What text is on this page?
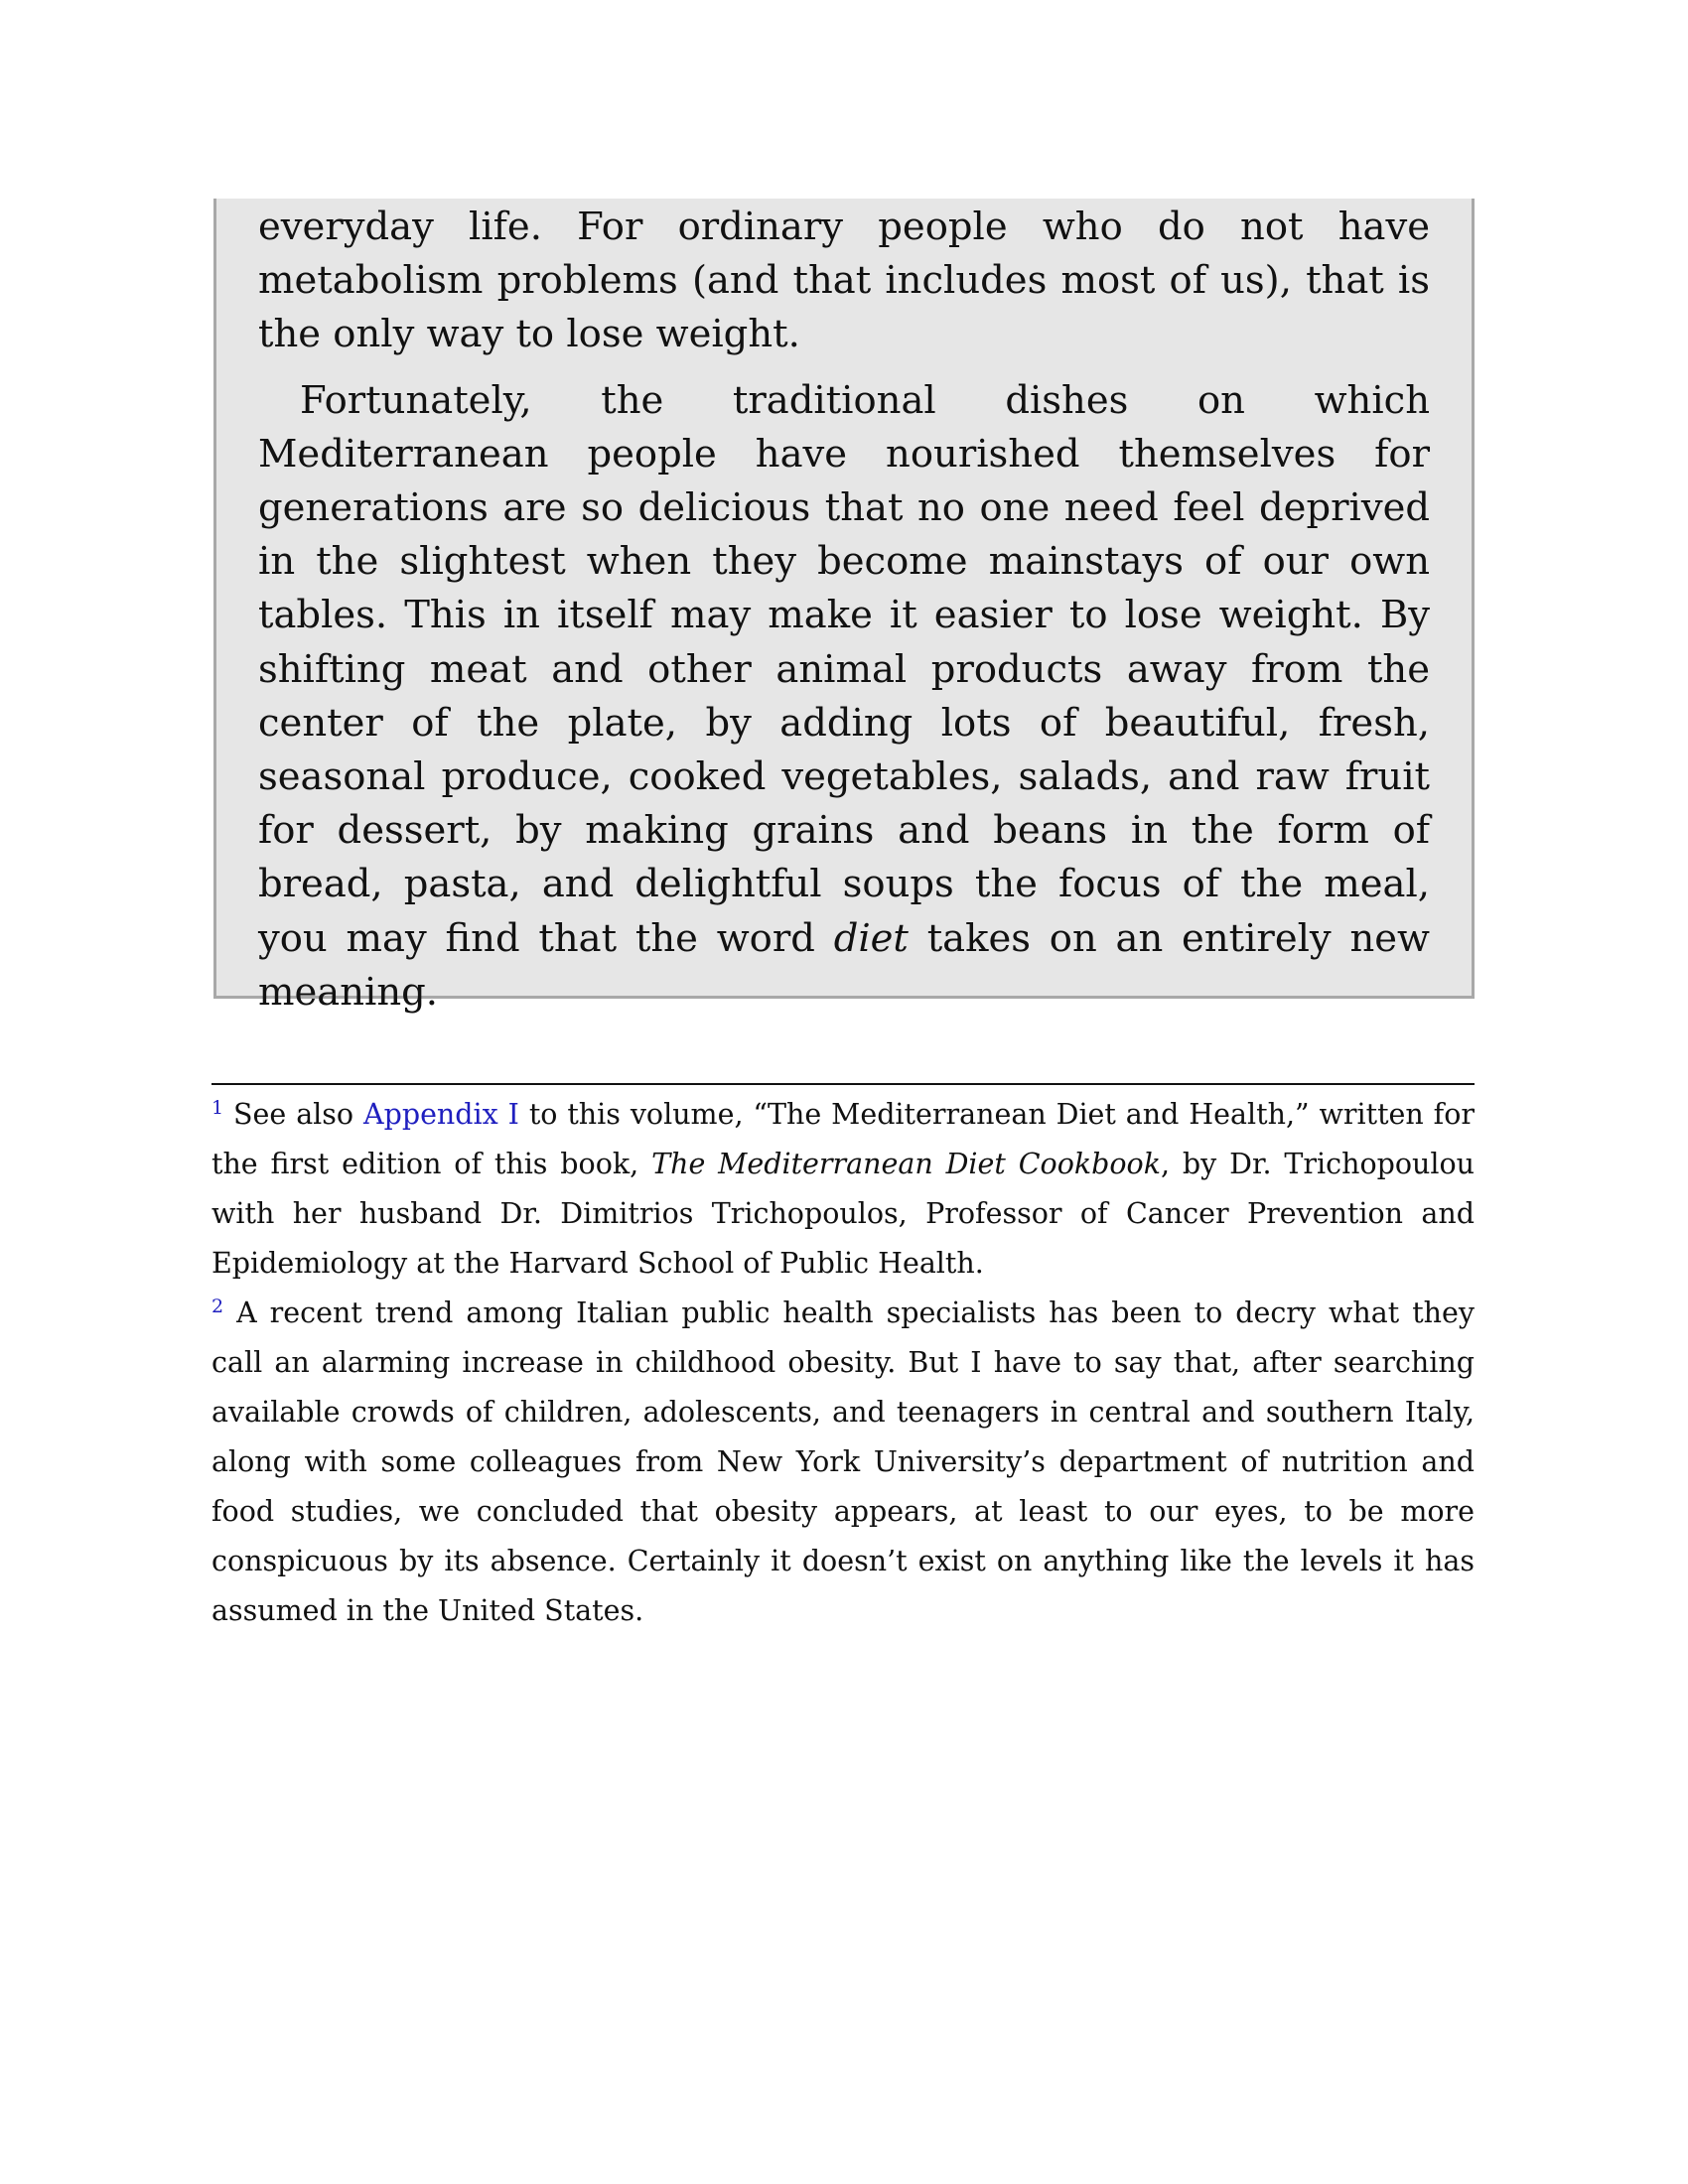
everyday life. For ordinary people who do not have metabolism problems (and that includes most of us), that is the only way to lose weight.

Fortunately, the traditional dishes on which Mediterranean people have nourished themselves for generations are so delicious that no one need feel deprived in the slightest when they become mainstays of our own tables. This in itself may make it easier to lose weight. By shifting meat and other animal products away from the center of the plate, by adding lots of beautiful, fresh, seasonal produce, cooked vegetables, salads, and raw fruit for dessert, by making grains and beans in the form of bread, pasta, and delightful soups the focus of the meal, you may find that the word diet takes on an entirely new meaning.

$^1$ See also Appendix I to this volume, “The Mediterranean Diet and Health,” written for the first edition of this book, The Mediterranean Diet Cookbook, by Dr. Trichopoulou with her husband Dr. Dimitrios Trichopoulos, Professor of Cancer Prevention and Epidemiology at the Harvard School of Public Health.

$^2$ A recent trend among Italian public health specialists has been to decry what they call an alarming increase in childhood obesity. But I have to say that, after searching available crowds of children, adolescents, and teenagers in central and southern Italy, along with some colleagues from New York University’s department of nutrition and food studies, we concluded that obesity appears, at least to our eyes, to be more conspicuous by its absence. Certainly it doesn’t exist on anything like the levels it has assumed in the United States.
